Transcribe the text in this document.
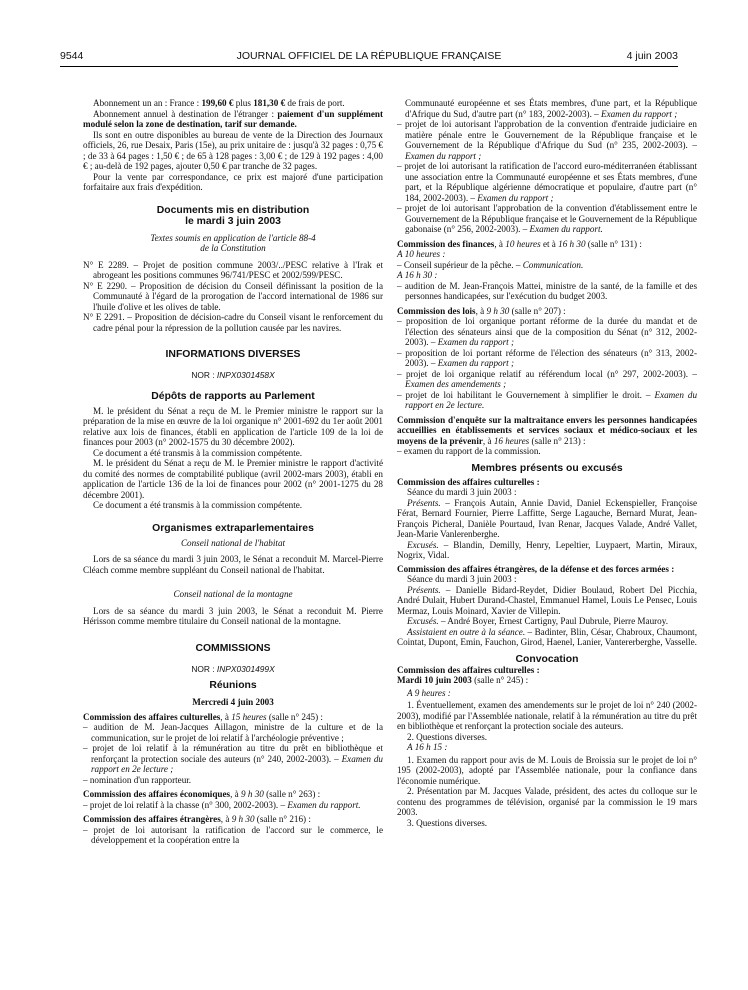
9544	JOURNAL OFFICIEL DE LA RÉPUBLIQUE FRANÇAISE	4 juin 2003

Abonnement un an : France : 199,60 € plus 181,30 € de frais de port.

Abonnement annuel à destination de l'étranger : paiement d'un supplément modulé selon la zone de destination, tarif sur demande.

Ils sont en outre disponibles au bureau de vente de la Direction des Journaux officiels, 26, rue Desaix, Paris (15e), au prix unitaire de : jusqu'à 32 pages : 0,75 € ; de 33 à 64 pages : 1,50 € ; de 65 à 128 pages : 3,00 € ; de 129 à 192 pages : 4,00 € ; au-delà de 192 pages, ajouter 0,50 € par tranche de 32 pages.

Pour la vente par correspondance, ce prix est majoré d'une participation forfaitaire aux frais d'expédition.

Documents mis en distribution

le mardi 3 juin 2003

Textes soumis en application de l'article 88-4

de la Constitution

N° E 2289. – Projet de position commune 2003/../PESC relative à l'Irak et abrogeant les positions communes 96/741/PESC et 2002/599/PESC.

N° E 2290. – Proposition de décision du Conseil définissant la position de la Communauté à l'égard de la prorogation de l'accord international de 1986 sur l'huile d'olive et les olives de table.

N° E 2291. – Proposition de décision-cadre du Conseil visant le renforcement du cadre pénal pour la répression de la pollution causée par les navires.

INFORMATIONS DIVERSES

NOR : INPX0301458X

Dépôts de rapports au Parlement

M. le président du Sénat a reçu de M. le Premier ministre le rapport sur la préparation de la mise en œuvre de la loi organique n° 2001-692 du 1er août 2001 relative aux lois de finances, établi en application de l'article 109 de la loi de finances pour 2003 (n° 2002-1575 du 30 décembre 2002).

Ce document a été transmis à la commission compétente.

M. le président du Sénat a reçu de M. le Premier ministre le rapport d'activité du comité des normes de comptabilité publique (avril 2002-mars 2003), établi en application de l'article 136 de la loi de finances pour 2002 (n° 2001-1275 du 28 décembre 2001).

Ce document a été transmis à la commission compétente.

Organismes extraparlementaires

Conseil national de l'habitat

Lors de sa séance du mardi 3 juin 2003, le Sénat a reconduit M. Marcel-Pierre Cléach comme membre suppléant du Conseil national de l'habitat.

Conseil national de la montagne

Lors de sa séance du mardi 3 juin 2003, le Sénat a reconduit M. Pierre Hérisson comme membre titulaire du Conseil national de la montagne.

COMMISSIONS

NOR : INPX0301499X

Réunions

Mercredi 4 juin 2003

Commission des affaires culturelles, à 15 heures (salle n° 245) :

– audition de M. Jean-Jacques Aillagon, ministre de la culture et de la communication, sur le projet de loi relatif à l'archéologie préventive ;

– projet de loi relatif à la rémunération au titre du prêt en bibliothèque et renforçant la protection sociale des auteurs (n° 240, 2002-2003). – Examen du rapport en 2e lecture ;

– nomination d'un rapporteur.

Commission des affaires économiques, à 9 h 30 (salle n° 263) :

– projet de loi relatif à la chasse (n° 300, 2002-2003). – Examen du rapport.

Commission des affaires étrangères, à 9 h 30 (salle n° 216) :

– projet de loi autorisant la ratification de l'accord sur le commerce, le développement et la coopération entre la

Communauté européenne et ses États membres, d'une part, et la République d'Afrique du Sud, d'autre part (n° 183, 2002-2003). – Examen du rapport ;

– projet de loi autorisant l'approbation de la convention d'entraide judiciaire en matière pénale entre le Gouvernement de la République française et le Gouvernement de la République d'Afrique du Sud (n° 235, 2002-2003). – Examen du rapport ;

– projet de loi autorisant la ratification de l'accord euro-méditerranéen établissant une association entre la Communauté européenne et ses États membres, d'une part, et la République algérienne démocratique et populaire, d'autre part (n° 184, 2002-2003). – Examen du rapport ;

– projet de loi autorisant l'approbation de la convention d'établissement entre le Gouvernement de la République française et le Gouvernement de la République gabonaise (n° 256, 2002-2003). – Examen du rapport.

Commission des finances, à 10 heures et à 16 h 30 (salle n° 131) :

A 10 heures :

– Conseil supérieur de la pêche. – Communication.

A 16 h 30 :

– audition de M. Jean-François Mattei, ministre de la santé, de la famille et des personnes handicapées, sur l'exécution du budget 2003.

Commission des lois, à 9 h 30 (salle n° 207) :

– proposition de loi organique portant réforme de la durée du mandat et de l'élection des sénateurs ainsi que de la composition du Sénat (n° 312, 2002-2003). – Examen du rapport ;

– proposition de loi portant réforme de l'élection des sénateurs (n° 313, 2002-2003). – Examen du rapport ;

– projet de loi organique relatif au référendum local (n° 297, 2002-2003). – Examen des amendements ;

– projet de loi habilitant le Gouvernement à simplifier le droit. – Examen du rapport en 2e lecture.

Commission d'enquête sur la maltraitance envers les personnes handicapées accueillies en établissements et services sociaux et médico-sociaux et les moyens de la prévenir, à 16 heures (salle n° 213) :

– examen du rapport de la commission.

Membres présents ou excusés

Commission des affaires culturelles :

Séance du mardi 3 juin 2003 :

Présents. – François Autain, Annie David, Daniel Eckenspieller, Françoise Férat, Bernard Fournier, Pierre Laffitte, Serge Lagauche, Bernard Murat, Jean-François Picheral, Danièle Pourtaud, Ivan Renar, Jacques Valade, André Vallet, Jean-Marie Vanlerenberghe.

Excusés. – Blandin, Demilly, Henry, Lepeltier, Luypaert, Martin, Miraux, Nogrix, Vidal.

Commission des affaires étrangères, de la défense et des forces armées :

Séance du mardi 3 juin 2003 :

Présents. – Danielle Bidard-Reydet, Didier Boulaud, Robert Del Picchia, André Dulait, Hubert Durand-Chastel, Emmanuel Hamel, Louis Le Pensec, Louis Mermaz, Louis Moinard, Xavier de Villepin.

Excusés. – André Boyer, Ernest Cartigny, Paul Dubrule, Pierre Mauroy.

Assistaient en outre à la séance. – Badinter, Blin, César, Chabroux, Chaumont, Cointat, Dupont, Emin, Fauchon, Girod, Haenel, Lanier, Vantererberghe, Vasselle.

Convocation

Commission des affaires culturelles :

Mardi 10 juin 2003 (salle n° 245) :

A 9 heures :

1. Éventuellement, examen des amendements sur le projet de loi n° 240 (2002-2003), modifié par l'Assemblée nationale, relatif à la rémunération au titre du prêt en bibliothèque et renforçant la protection sociale des auteurs.

2. Questions diverses.

A 16 h 15 :

1. Examen du rapport pour avis de M. Louis de Broissia sur le projet de loi n° 195 (2002-2003), adopté par l'Assemblée nationale, pour la confiance dans l'économie numérique.

2. Présentation par M. Jacques Valade, président, des actes du colloque sur le contenu des programmes de télévision, organisé par la commission le 19 mars 2003.

3. Questions diverses.
